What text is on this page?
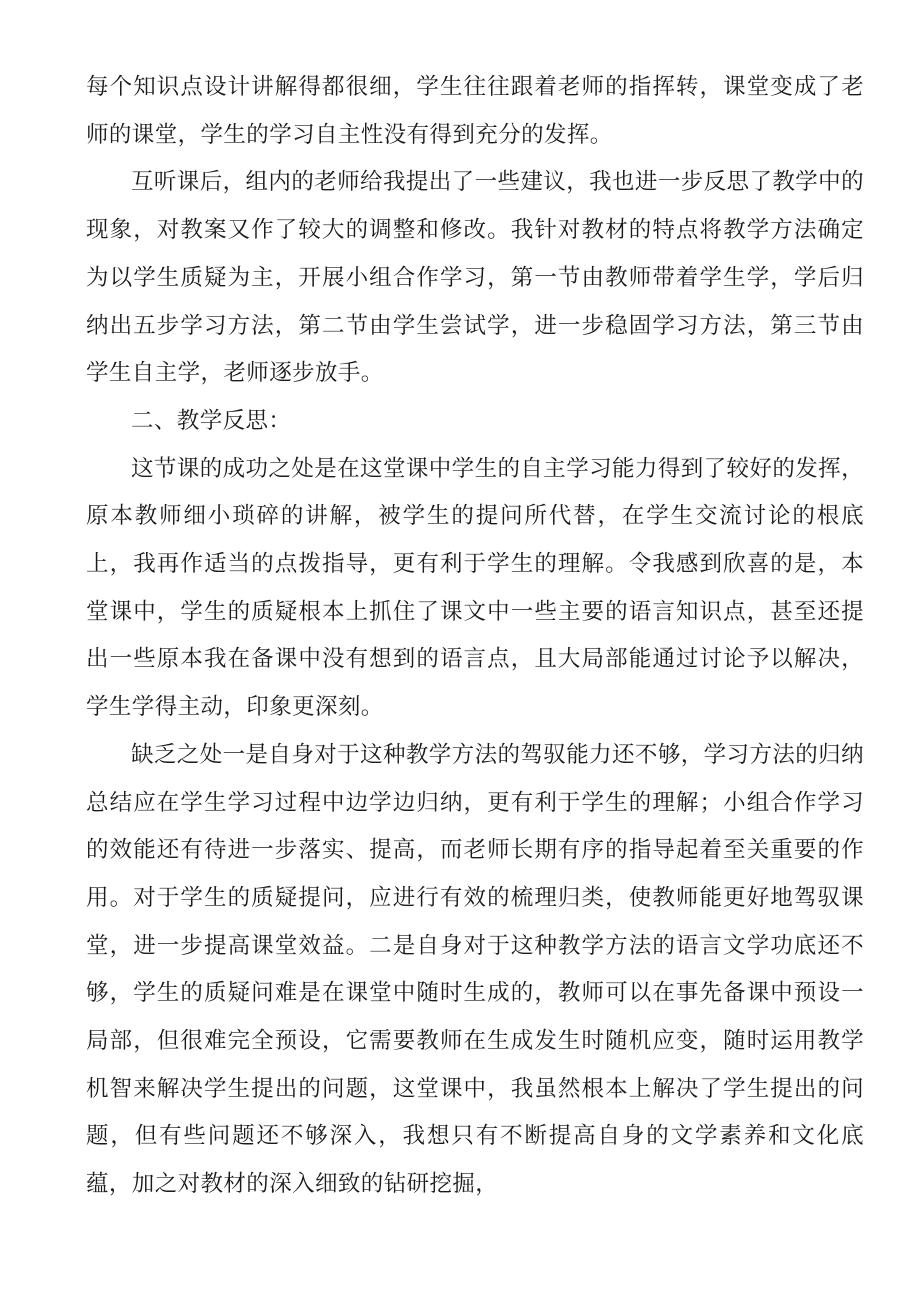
每个知识点设计讲解得都很细，学生往往跟着老师的指挥转，课堂变成了老师的课堂，学生的学习自主性没有得到充分的发挥。

互听课后，组内的老师给我提出了一些建议，我也进一步反思了教学中的现象，对教案又作了较大的调整和修改。我针对教材的特点将教学方法确定为以学生质疑为主，开展小组合作学习，第一节由教师带着学生学，学后归纳出五步学习方法，第二节由学生尝试学，进一步稳固学习方法，第三节由学生自主学，老师逐步放手。

二、教学反思：

这节课的成功之处是在这堂课中学生的自主学习能力得到了较好的发挥，原本教师细小琐碎的讲解，被学生的提问所代替，在学生交流讨论的根底上，我再作适当的点拨指导，更有利于学生的理解。令我感到欣喜的是，本堂课中，学生的质疑根本上抓住了课文中一些主要的语言知识点，甚至还提出一些原本我在备课中没有想到的语言点，且大局部能通过讨论予以解决，学生学得主动，印象更深刻。

缺乏之处一是自身对于这种教学方法的驾驭能力还不够，学习方法的归纳总结应在学生学习过程中边学边归纳，更有利于学生的理解；小组合作学习的效能还有待进一步落实、提高，而老师长期有序的指导起着至关重要的作用。对于学生的质疑提问，应进行有效的梳理归类，使教师能更好地驾驭课堂，进一步提高课堂效益。二是自身对于这种教学方法的语言文学功底还不够，学生的质疑问难是在课堂中随时生成的，教师可以在事先备课中预设一局部，但很难完全预设，它需要教师在生成发生时随机应变，随时运用教学机智来解决学生提出的问题，这堂课中，我虽然根本上解决了学生提出的问题，但有些问题还不够深入，我想只有不断提高自身的文学素养和文化底蕴，加之对教材的深入细致的钻研挖掘，
